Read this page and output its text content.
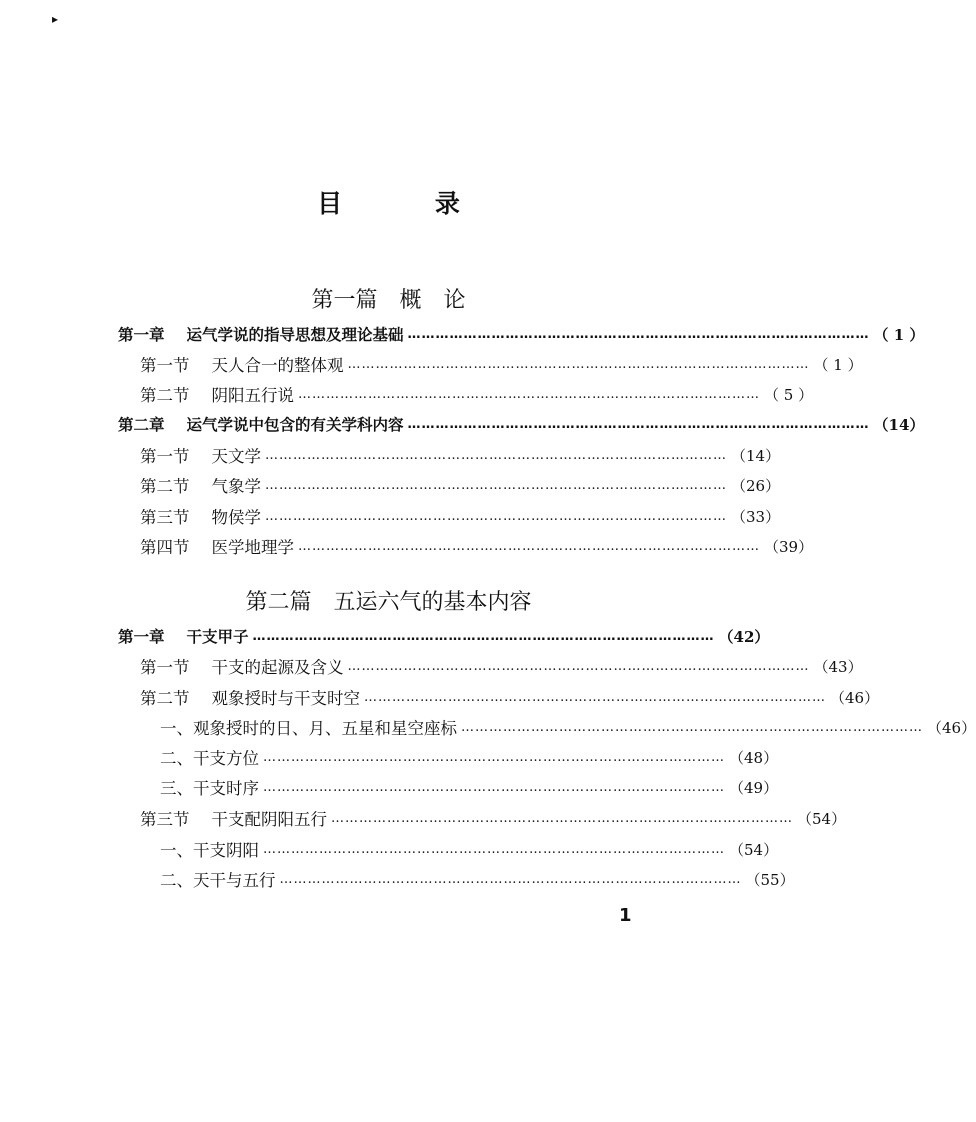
▸
目 录
第一篇　概　论
第一章	运气学说的指导思想及理论基础 ……………………………………………………………………………………… （ 1 ）
第一节	天人合一的整体观 ……………………………………………………………………………………… （ 1 ）
第二节	阴阳五行说 ……………………………………………………………………………………… （ 5 ）
第二章	运气学说中包含的有关学科内容 ……………………………………………………………………………………… （14）
第一节	天文学 ……………………………………………………………………………………… （14）
第二节	气象学 ……………………………………………………………………………………… （26）
第三节	物侯学 ……………………………………………………………………………………… （33）
第四节	医学地理学 ……………………………………………………………………………………… （39）
第二篇　五运六气的基本内容
第一章	干支甲子 ……………………………………………………………………………………… （42）
第一节	干支的起源及含义 ……………………………………………………………………………………… （43）
第二节	观象授时与干支时空 ……………………………………………………………………………………… （46）
一、观象授时的日、月、五星和星空座标 ……………………………………………………………………………………… （46）
二、干支方位 ……………………………………………………………………………………… （48）
三、干支时序 ……………………………………………………………………………………… （49）
第三节	干支配阴阳五行 ……………………………………………………………………………………… （54）
一、干支阴阳 ……………………………………………………………………………………… （54）
二、天干与五行 ……………………………………………………………………………………… （55）
1
